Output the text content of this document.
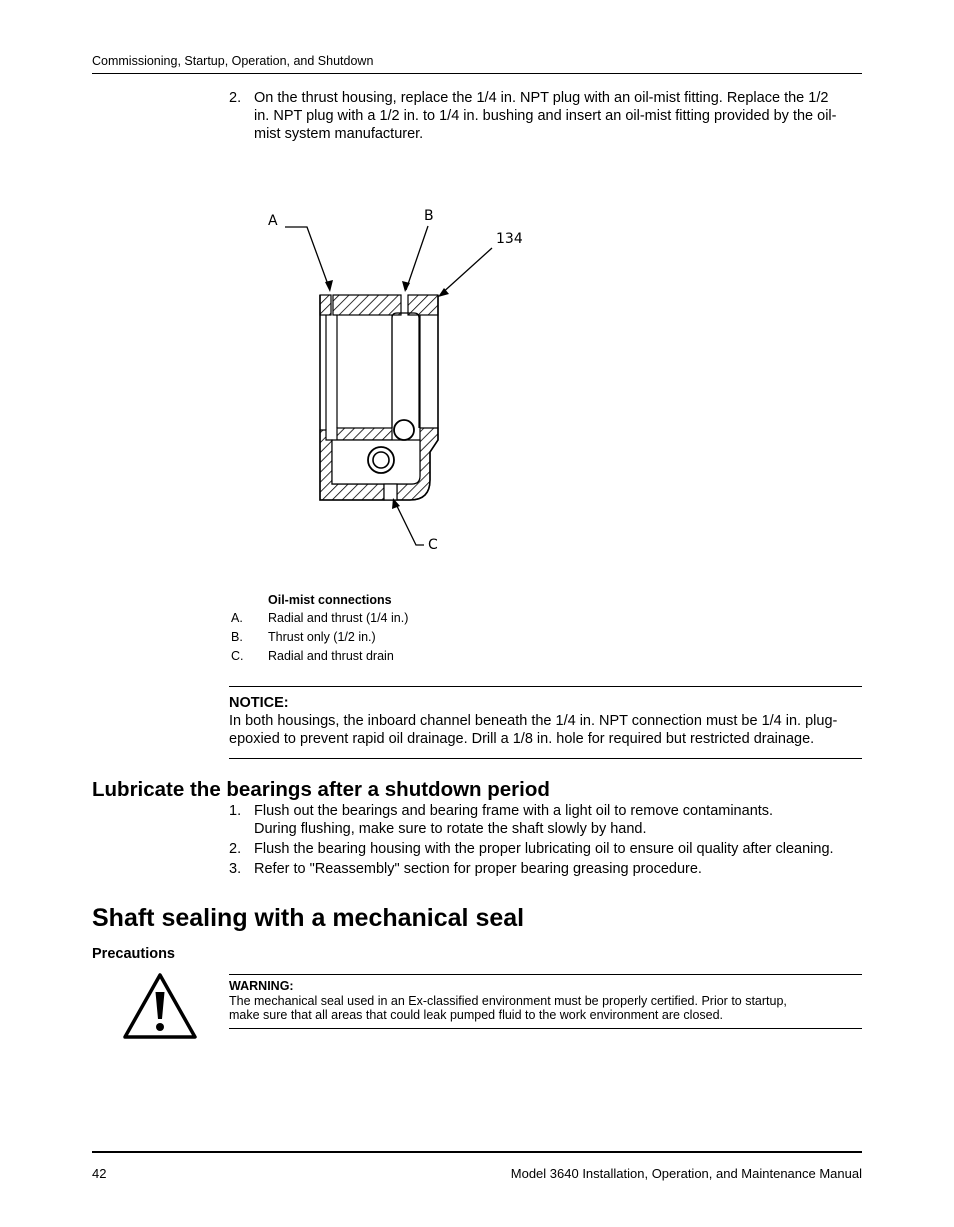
Commissioning, Startup, Operation, and Shutdown
2. On the thrust housing, replace the 1/4 in. NPT plug with an oil-mist fitting. Replace the 1/2
in. NPT plug with a 1/2 in. to 1/4 in. bushing and insert an oil-mist fitting provided by the oil-
mist system manufacturer.
A	B
134
C
Oil-mist connections
A. Radial and thrust (1/4 in.)
B. Thrust only (1/2 in.)
C. Radial and thrust drain
NOTICE:
In both housings, the inboard channel beneath the 1/4 in. NPT connection must be 1/4 in. plug-
epoxied to prevent rapid oil drainage. Drill a 1/8 in. hole for required but restricted drainage.
Lubricate the bearings after a shutdown period
1. Flush out the bearings and bearing frame with a light oil to remove contaminants.
During flushing, make sure to rotate the shaft slowly by hand.
2. Flush the bearing housing with the proper lubricating oil to ensure oil quality after cleaning.
3. Refer to "Reassembly" section for proper bearing greasing procedure.
Shaft sealing with a mechanical seal
Precautions
WARNING:
The mechanical seal used in an Ex-classified environment must be properly certified. Prior to startup,
make sure that all areas that could leak pumped fluid to the work environment are closed.
42	Model 3640 Installation, Operation, and Maintenance Manual
